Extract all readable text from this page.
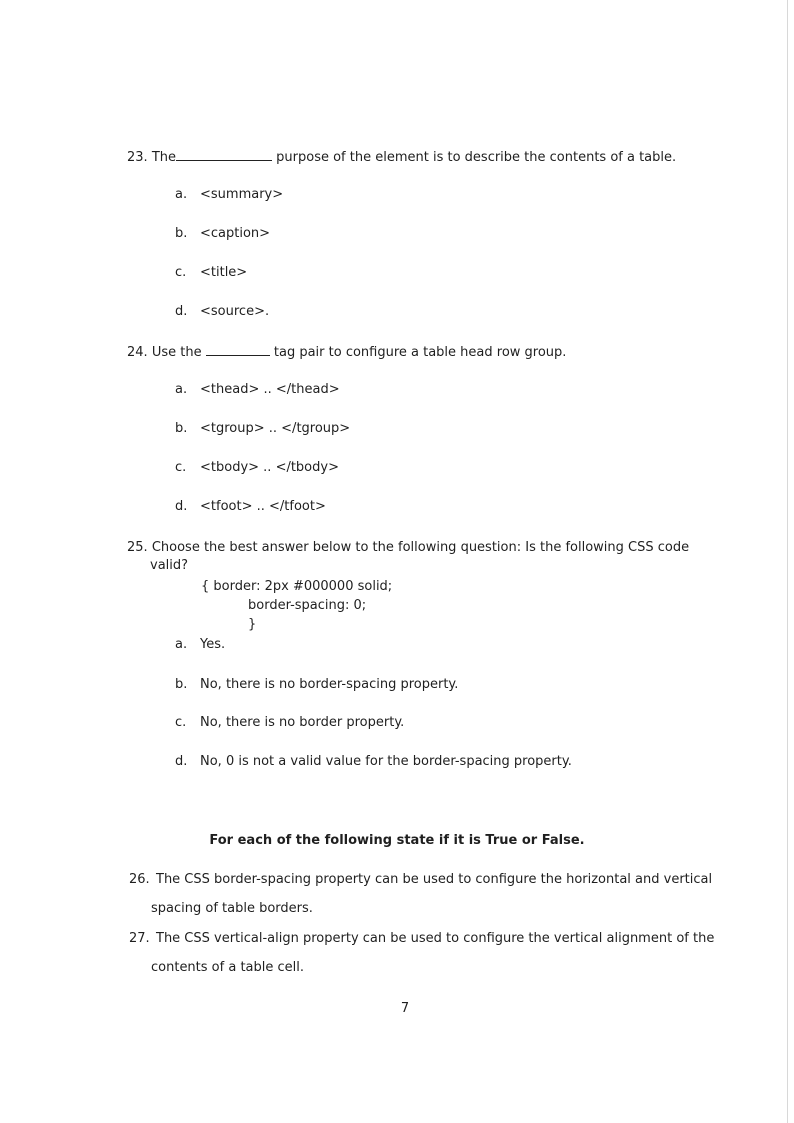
23. The	purpose of the element is to describe the contents of a table.
a. <summary>
b. <caption>
c. <title>
d. <source>.
24. Use the	tag pair to configure a table head row group.
a. <thead> .. </thead>
b. <tgroup> .. </tgroup>
c. <tbody> .. </tbody>
d. <tfoot> .. </tfoot>
25. Choose the best answer below to the following question: Is the following CSS code
valid?
{ border: 2px #000000 solid;
border-spacing: 0;
}
a. Yes.
b. No, there is no border-spacing property.
c. No, there is no border property.
d. No, 0 is not a valid value for the border-spacing property.
For each of the following state if it is True or False.
26. The CSS border-spacing property can be used to configure the horizontal and vertical
spacing of table borders.
27. The CSS vertical-align property can be used to configure the vertical alignment of the
contents of a table cell.
7
